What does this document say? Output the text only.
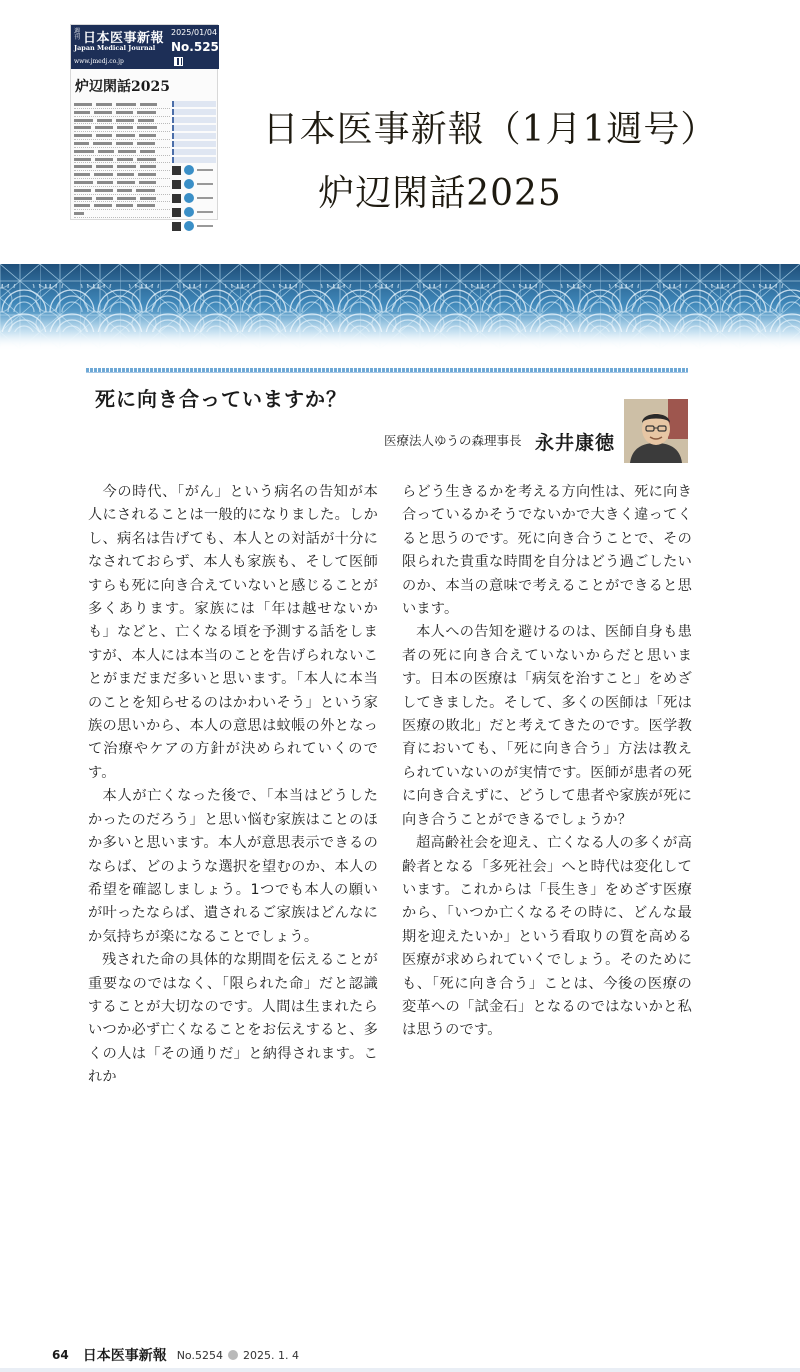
週刊 日本医事新報
Japan Medical Journal
www.jmedj.co.jp
2025/01/04
No.5254
炉辺閑話2025
日本医事新報（1月1週号）
炉辺閑話2025
死に向き合っていますか？
医療法人ゆうの森理事長 永井康徳

今の時代、「がん」という病名の告知が本人にされることは一般的になりました。しかし、病名は告げても、本人との対話が十分になされておらず、本人も家族も、そして医師すらも死に向き合えていないと感じることが多くあります。家族には「年は越せないかも」などと、亡くなる頃を予測する話をしますが、本人には本当のことを告げられないことがまだまだ多いと思います。「本人に本当のことを知らせるのはかわいそう」という家族の思いから、本人の意思は蚊帳の外となって治療やケアの方針が決められていくのです。

本人が亡くなった後で、「本当はどうしたかったのだろう」と思い悩む家族はことのほか多いと思います。本人が意思表示できるのならば、どのような選択を望むのか、本人の希望を確認しましょう。1つでも本人の願いが叶ったならば、遺されるご家族はどんなにか気持ちが楽になることでしょう。

残された命の具体的な期間を伝えることが重要なのではなく、「限られた命」だと認識することが大切なのです。人間は生まれたらいつか必ず亡くなることをお伝えすると、多くの人は「その通りだ」と納得されます。これか

らどう生きるかを考える方向性は、死に向き合っているかそうでないかで大きく違ってくると思うのです。死に向き合うことで、その限られた貴重な時間を自分はどう過ごしたいのか、本当の意味で考えることができると思います。

本人への告知を避けるのは、医師自身も患者の死に向き合えていないからだと思います。日本の医療は「病気を治すこと」をめざしてきました。そして、多くの医師は「死は医療の敗北」だと考えてきたのです。医学教育においても、「死に向き合う」方法は教えられていないのが実情です。医師が患者の死に向き合えずに、どうして患者や家族が死に向き合うことができるでしょうか？

超高齢社会を迎え、亡くなる人の多くが高齢者となる「多死社会」へと時代は変化しています。これからは「長生き」をめざす医療から、「いつか亡くなるその時に、どんな最期を迎えたいか」という看取りの質を高める医療が求められていくでしょう。そのためにも、「死に向き合う」ことは、今後の医療の変革への「試金石」となるのではないかと私は思うのです。

64 日本医事新報 No.5254 2025. 1. 4
